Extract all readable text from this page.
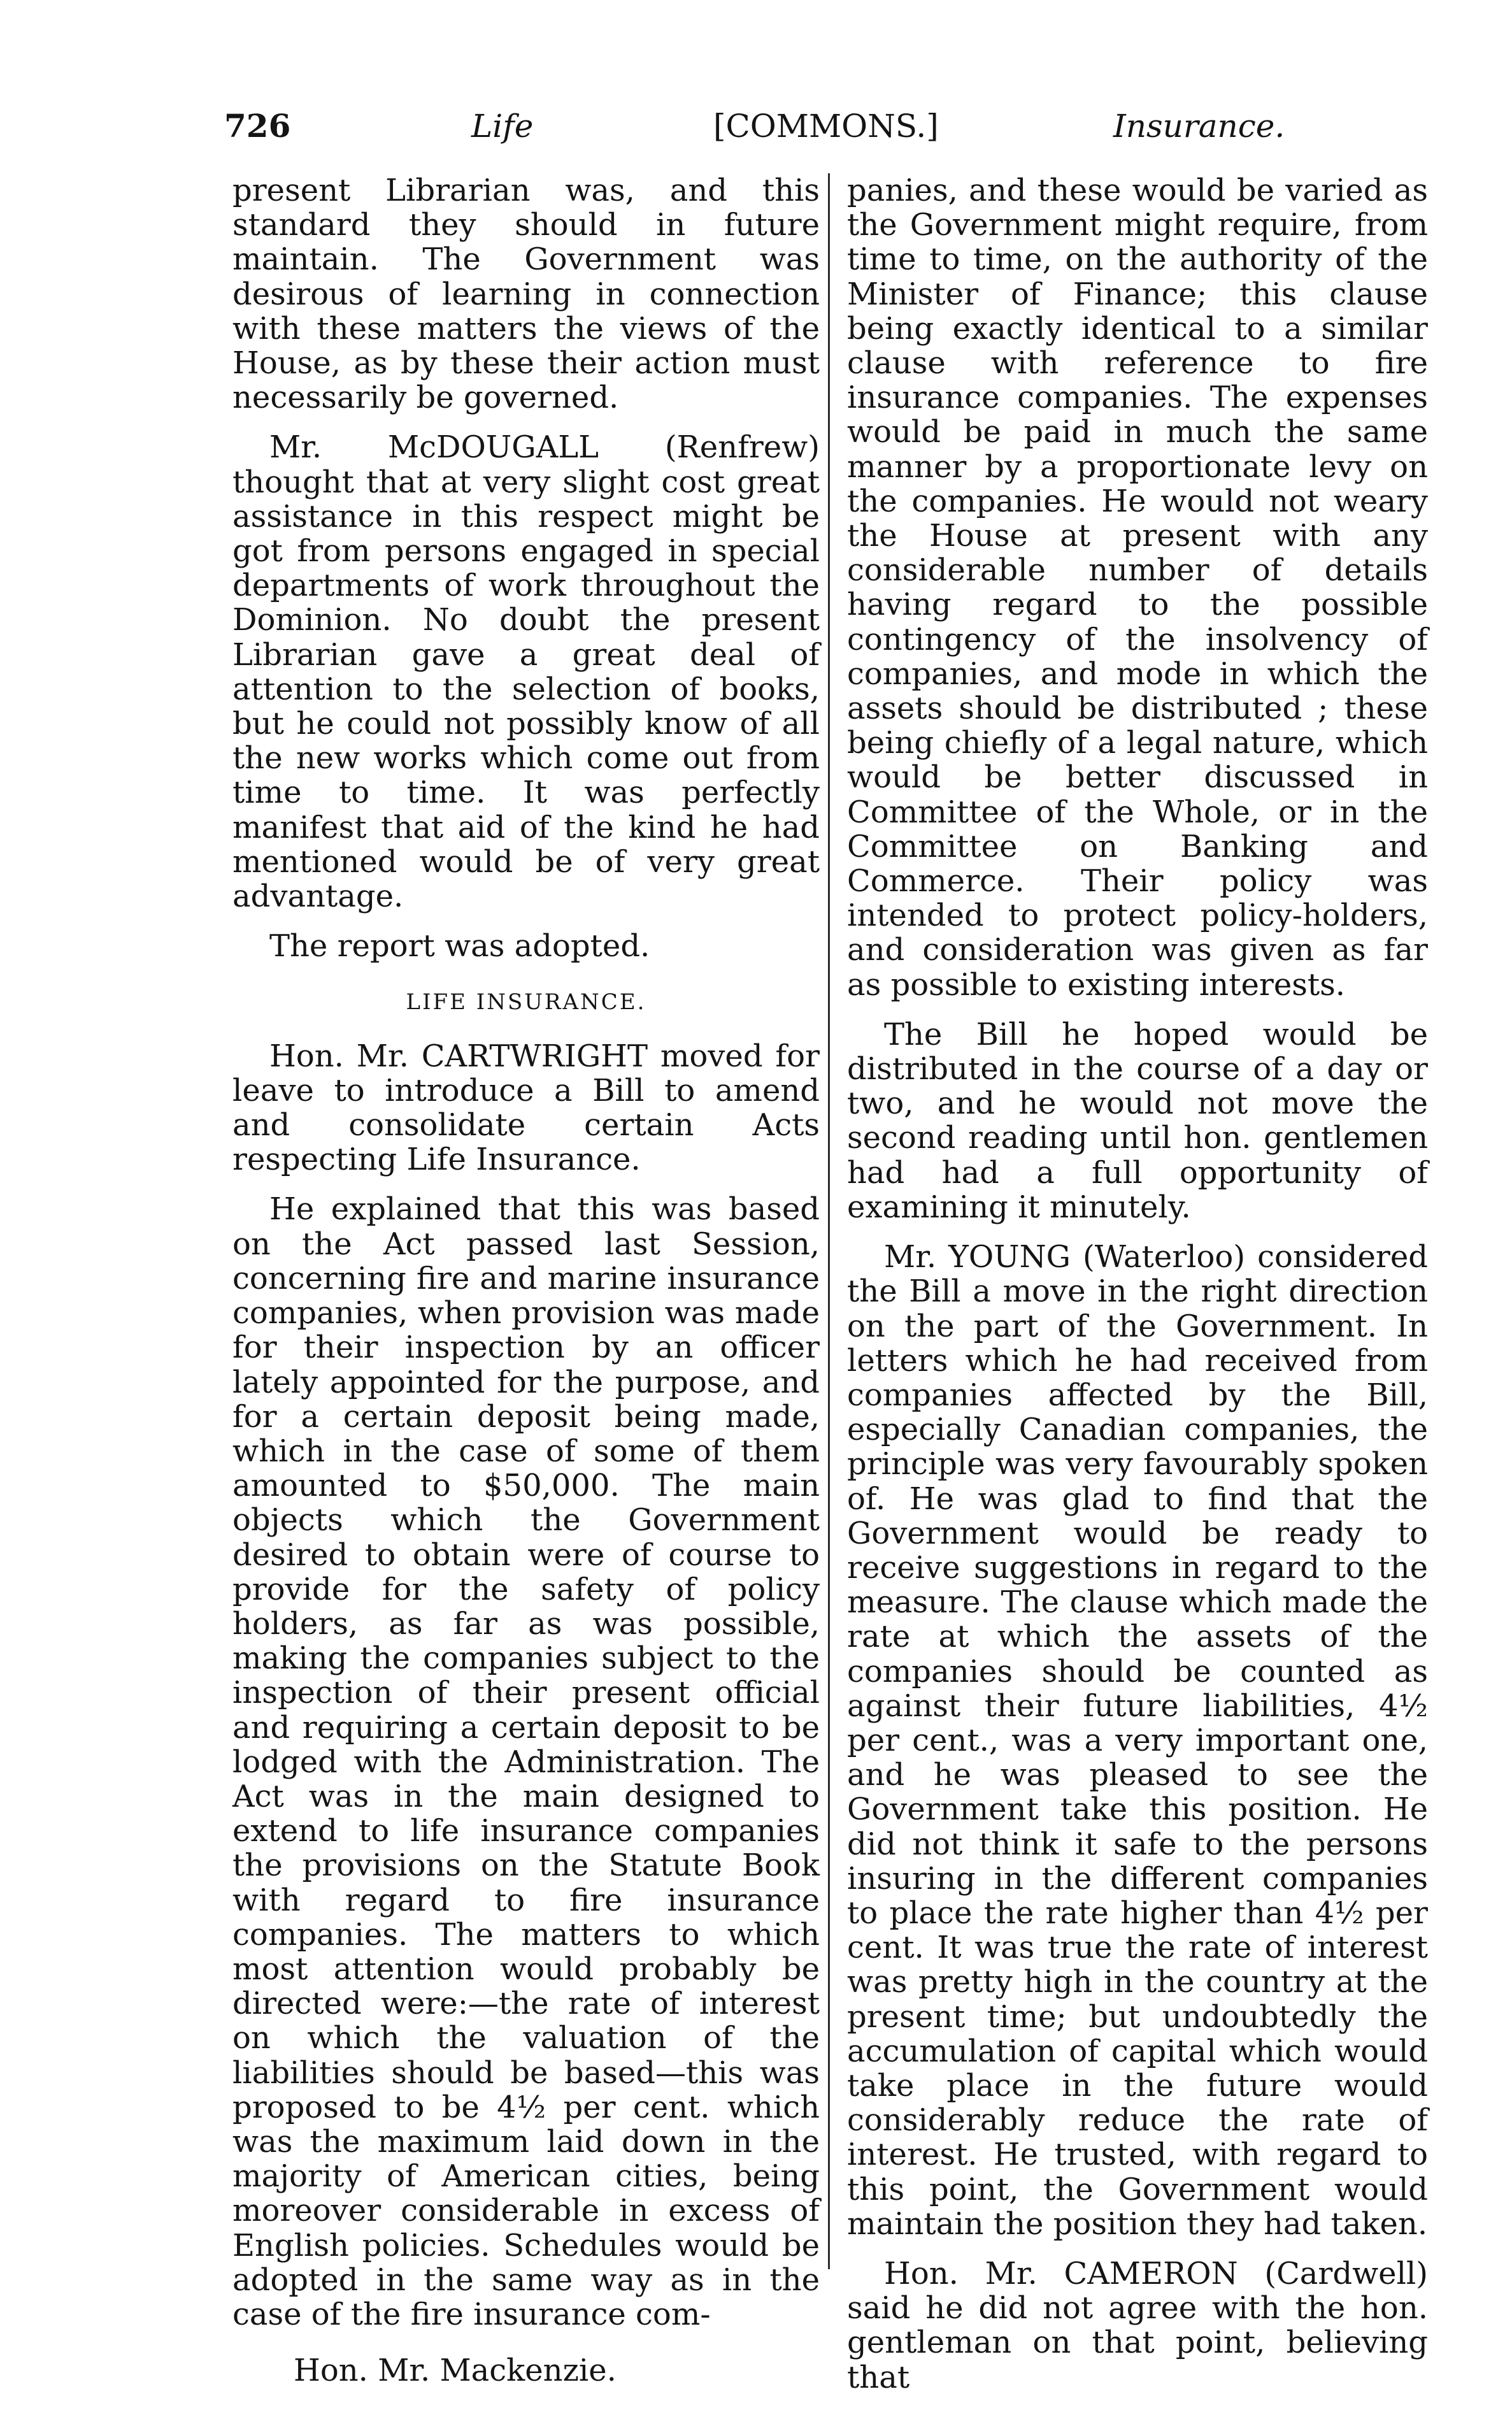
726	Life	[COMMONS.]	Insurance.

present Librarian was, and this standard they should in future maintain. The Government was desirous of learning in connection with these matters the views of the House, as by these their action must necessarily be governed.

Mr. McDOUGALL (Renfrew) thought that at very slight cost great assistance in this respect might be got from persons engaged in special departments of work throughout the Dominion. No doubt the present Librarian gave a great deal of attention to the selection of books, but he could not possibly know of all the new works which come out from time to time. It was perfectly manifest that aid of the kind he had mentioned would be of very great advantage.

The report was adopted.

LIFE INSURANCE.

Hon. Mr. CARTWRIGHT moved for leave to introduce a Bill to amend and consolidate certain Acts respecting Life Insurance.

He explained that this was based on the Act passed last Session, concerning fire and marine insurance companies, when provision was made for their inspection by an officer lately appointed for the purpose, and for a certain deposit being made, which in the case of some of them amounted to $50,000. The main objects which the Government desired to obtain were of course to provide for the safety of policy holders, as far as was possible, making the companies subject to the inspection of their present official and requiring a certain deposit to be lodged with the Administration. The Act was in the main designed to extend to life insurance companies the provisions on the Statute Book with regard to fire insurance companies. The matters to which most attention would probably be directed were:—the rate of interest on which the valuation of the liabilities should be based—this was proposed to be 4½ per cent. which was the maximum laid down in the majority of American cities, being moreover considerable in excess of English policies. Schedules would be adopted in the same way as in the case of the fire insurance com-

Hon. Mr. Mackenzie.

panies, and these would be varied as the Government might require, from time to time, on the authority of the Minister of Finance; this clause being exactly identical to a similar clause with reference to fire insurance companies. The expenses would be paid in much the same manner by a proportionate levy on the companies. He would not weary the House at present with any considerable number of details having regard to the possible contingency of the insolvency of companies, and mode in which the assets should be distributed ; these being chiefly of a legal nature, which would be better discussed in Committee of the Whole, or in the Committee on Banking and Commerce. Their policy was intended to protect policy-holders, and consideration was given as far as possible to existing interests.

The Bill he hoped would be distributed in the course of a day or two, and he would not move the second reading until hon. gentlemen had had a full opportunity of examining it minutely.

Mr. YOUNG (Waterloo) considered the Bill a move in the right direction on the part of the Government. In letters which he had received from companies affected by the Bill, especially Canadian companies, the principle was very favourably spoken of. He was glad to find that the Government would be ready to receive suggestions in regard to the measure. The clause which made the rate at which the assets of the companies should be counted as against their future liabilities, 4½ per cent., was a very important one, and he was pleased to see the Government take this position. He did not think it safe to the persons insuring in the different companies to place the rate higher than 4½ per cent. It was true the rate of interest was pretty high in the country at the present time; but undoubtedly the accumulation of capital which would take place in the future would considerably reduce the rate of interest. He trusted, with regard to this point, the Government would maintain the position they had taken.

Hon. Mr. CAMERON (Cardwell) said he did not agree with the hon. gentleman on that point, believing that
